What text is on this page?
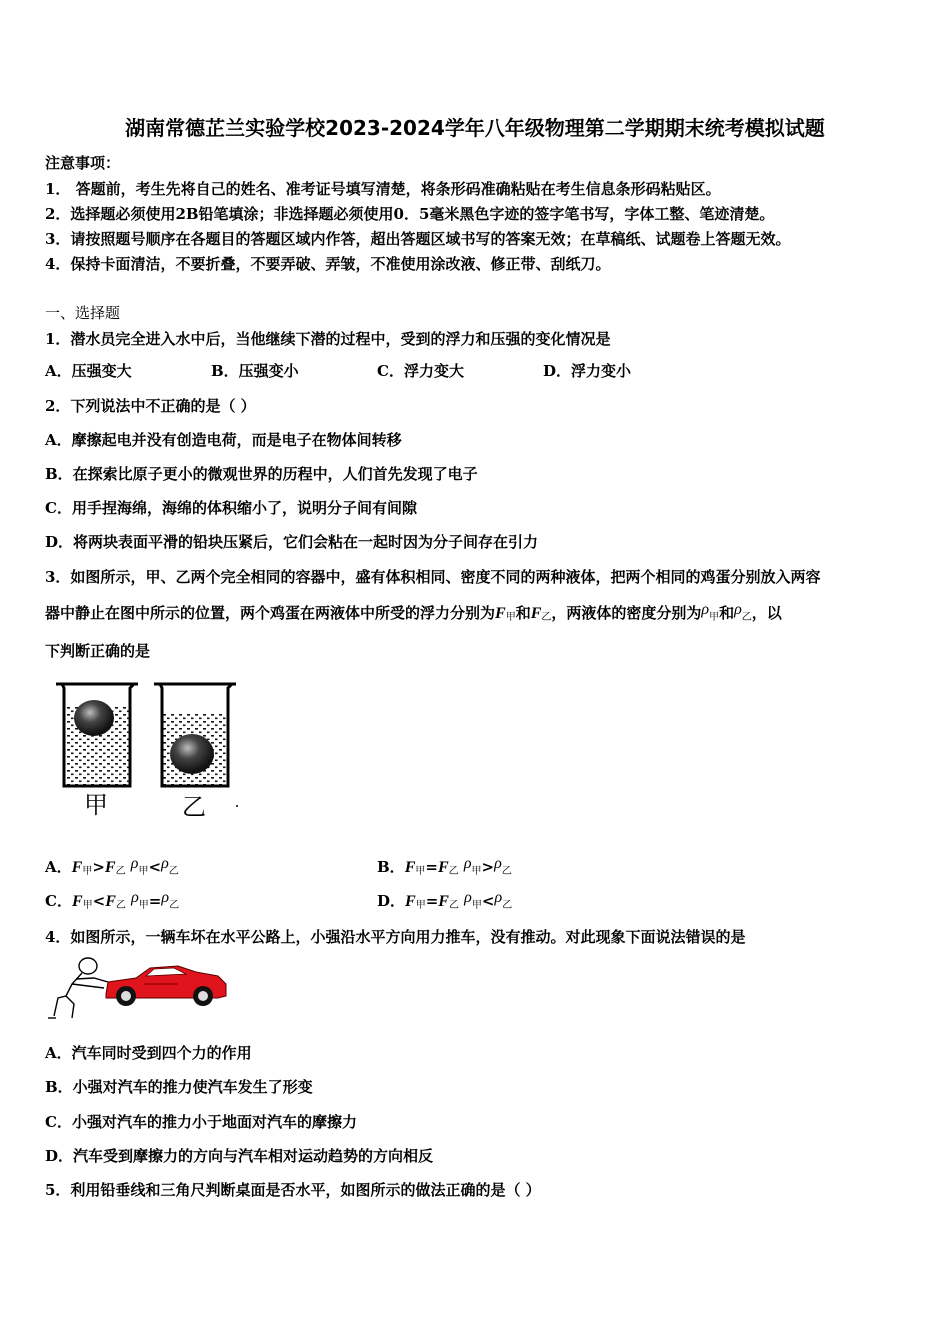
湖南常德芷兰实验学校2023-2024学年八年级物理第二学期期末统考模拟试题
注意事项：
1． 答题前，考生先将自己的姓名、准考证号填写清楚，将条形码准确粘贴在考生信息条形码粘贴区。
2．选择题必须使用2B铅笔填涂；非选择题必须使用0．5毫米黑色字迹的签字笔书写，字体工整、笔迹清楚。
3．请按照题号顺序在各题目的答题区域内作答，超出答题区域书写的答案无效；在草稿纸、试题卷上答题无效。
4．保持卡面清洁，不要折叠，不要弄破、弄皱，不准使用涂改液、修正带、刮纸刀。
一、选择题
1．潜水员完全进入水中后，当他继续下潜的过程中，受到的浮力和压强的变化情况是
A．压强变大	B．压强变小	C．浮力变大	D．浮力变小
2．下列说法中不正确的是（ ）
A．摩擦起电并没有创造电荷，而是电子在物体间转移
B．在探索比原子更小的微观世界的历程中，人们首先发现了电子
C．用手捏海绵，海绵的体积缩小了，说明分子间有间隙
D．将两块表面平滑的铅块压紧后，它们会粘在一起时因为分子间存在引力
3．如图所示，甲、乙两个完全相同的容器中，盛有体积相同、密度不同的两种液体，把两个相同的鸡蛋分别放入两容
器中静止在图中所示的位置，两个鸡蛋在两液体中所受的浮力分别为F甲和F乙，两液体的密度分别为ρ甲和ρ乙，以
下判断正确的是
甲	乙
A．F甲>F乙 ρ甲<ρ乙	B．F甲=F乙 ρ甲>ρ乙
C．F甲<F乙 ρ甲=ρ乙	D．F甲=F乙 ρ甲<ρ乙
4．如图所示，一辆车坏在水平公路上，小强沿水平方向用力推车，没有推动。对此现象下面说法错误的是
A．汽车同时受到四个力的作用
B．小强对汽车的推力使汽车发生了形变
C．小强对汽车的推力小于地面对汽车的摩擦力
D．汽车受到摩擦力的方向与汽车相对运动趋势的方向相反
5．利用铅垂线和三角尺判断桌面是否水平，如图所示的做法正确的是（ ）
